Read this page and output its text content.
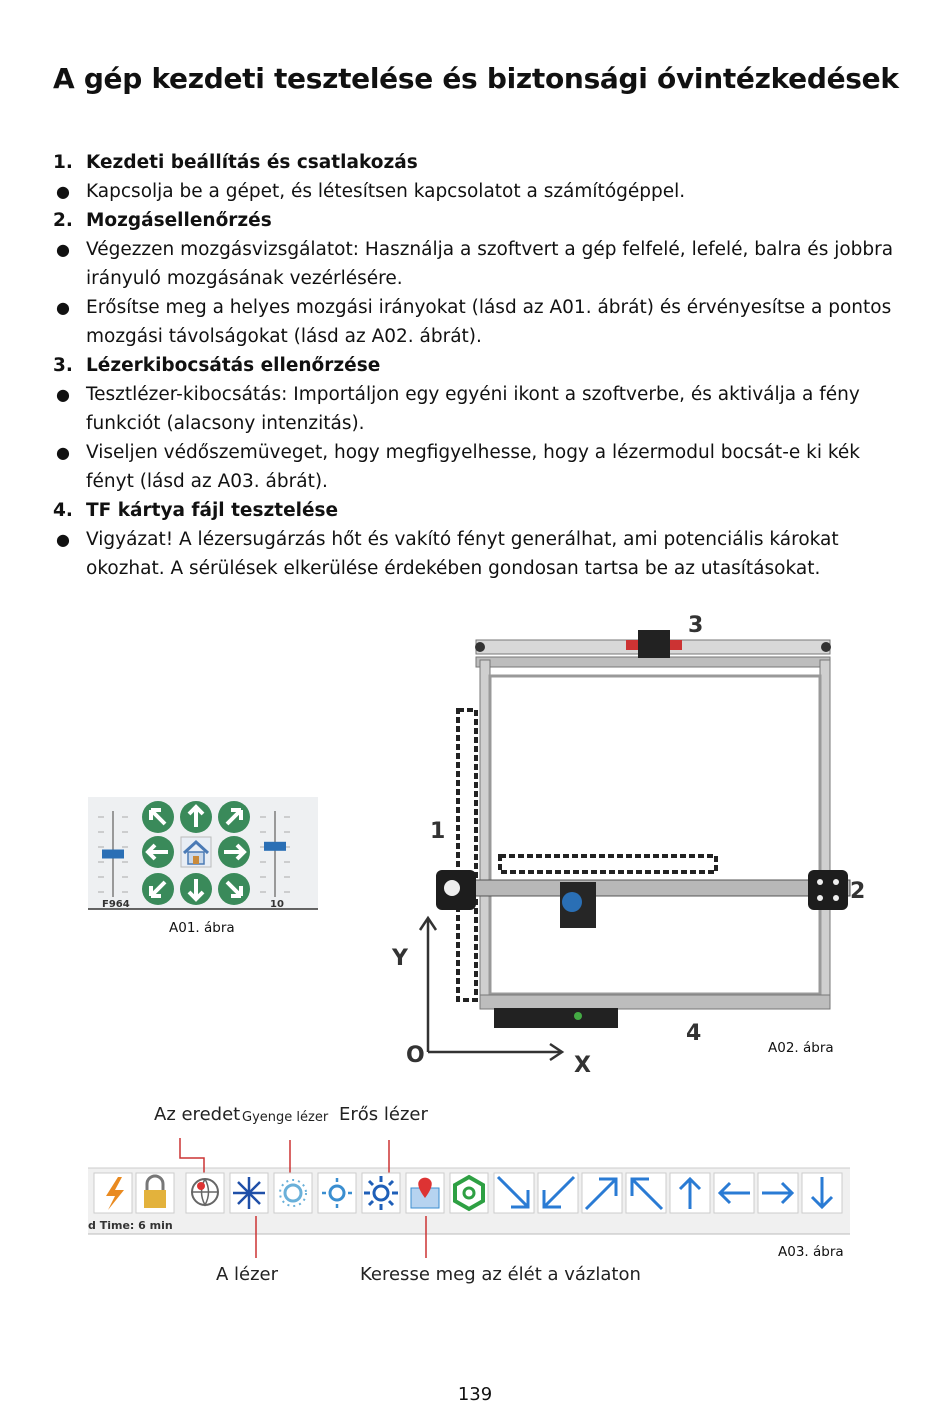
A gép kezdeti tesztelése és biztonsági óvintézkedések
1. Kezdeti beállítás és csatlakozás
● Kapcsolja be a gépet, és létesítsen kapcsolatot a számítógéppel.
2. Mozgásellenőrzés
● Végezzen mozgásvizsgálatot: Használja a szoftvert a gép felfelé, lefelé, balra és jobbra irányuló mozgásának vezérlésére.
● Erősítse meg a helyes mozgási irányokat (lásd az A01. ábrát) és érvényesítse a pontos mozgási távolságokat (lásd az A02. ábrát).
3. Lézerkibocsátás ellenőrzése
● Tesztlézer-kibocsátás: Importáljon egy egyéni ikont a szoftverbe, és aktiválja a fény funkciót (alacsony intenzitás).
● Viseljen védőszemüveget, hogy megfigyelhesse, hogy a lézermodul bocsát-e ki kék fényt (lásd az A03. ábrát).
4. TF kártya fájl tesztelése
● Vigyázat! A lézersugárzás hőt és vakító fényt generálhat, ami potenciális károkat okozhat. A sérülések elkerülése érdekében gondosan tartsa be az utasításokat.
F964	10
A01. ábra
3
1
2
4
Y
X
O	A02. ábra
Az eredet Gyenge lézer Erős lézer
d Time: 6 min
A03. ábra
A lézer	Keresse meg az élét a vázlaton
139
